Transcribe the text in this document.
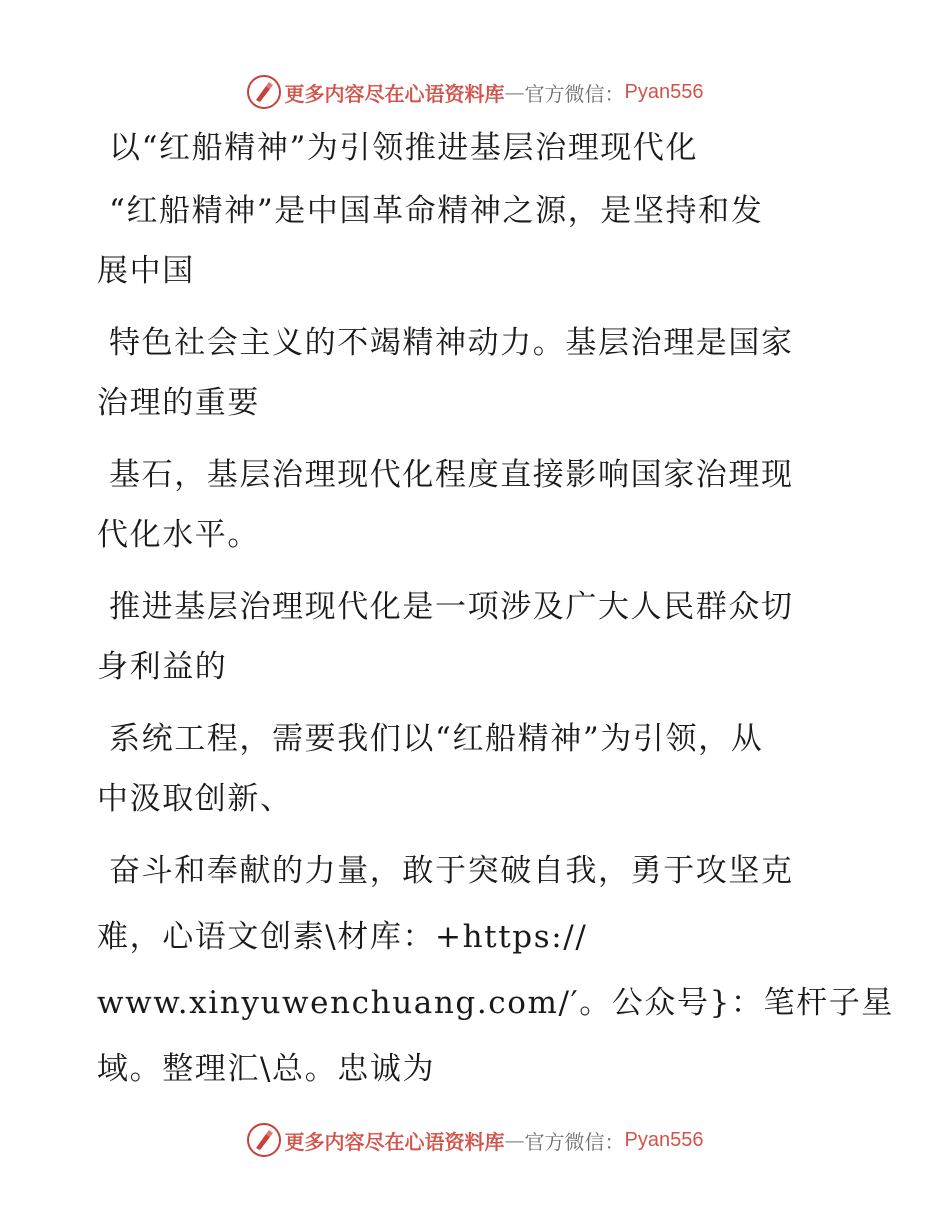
更多内容尽在心语资料库 — 官方微信： Pyan556
以“红船精神”为引领推进基层治理现代化
“红船精神”是中国革命精神之源，是坚持和发
展中国
特色社会主义的不竭精神动力。基层治理是国家
治理的重要
基石，基层治理现代化程度直接影响国家治理现
代化水平。
推进基层治理现代化是一项涉及广大人民群众切
身利益的
系统工程，需要我们以“红船精神”为引领，从
中汲取创新、
奋斗和奉献的力量，敢于突破自我，勇于攻坚克
难，心语文创素\材库：+https://
www.xinyuwenchuang.com/′。公众号}：笔杆子星
域。整理汇\总。忠诚为
更多内容尽在心语资料库 — 官方微信： Pyan556
